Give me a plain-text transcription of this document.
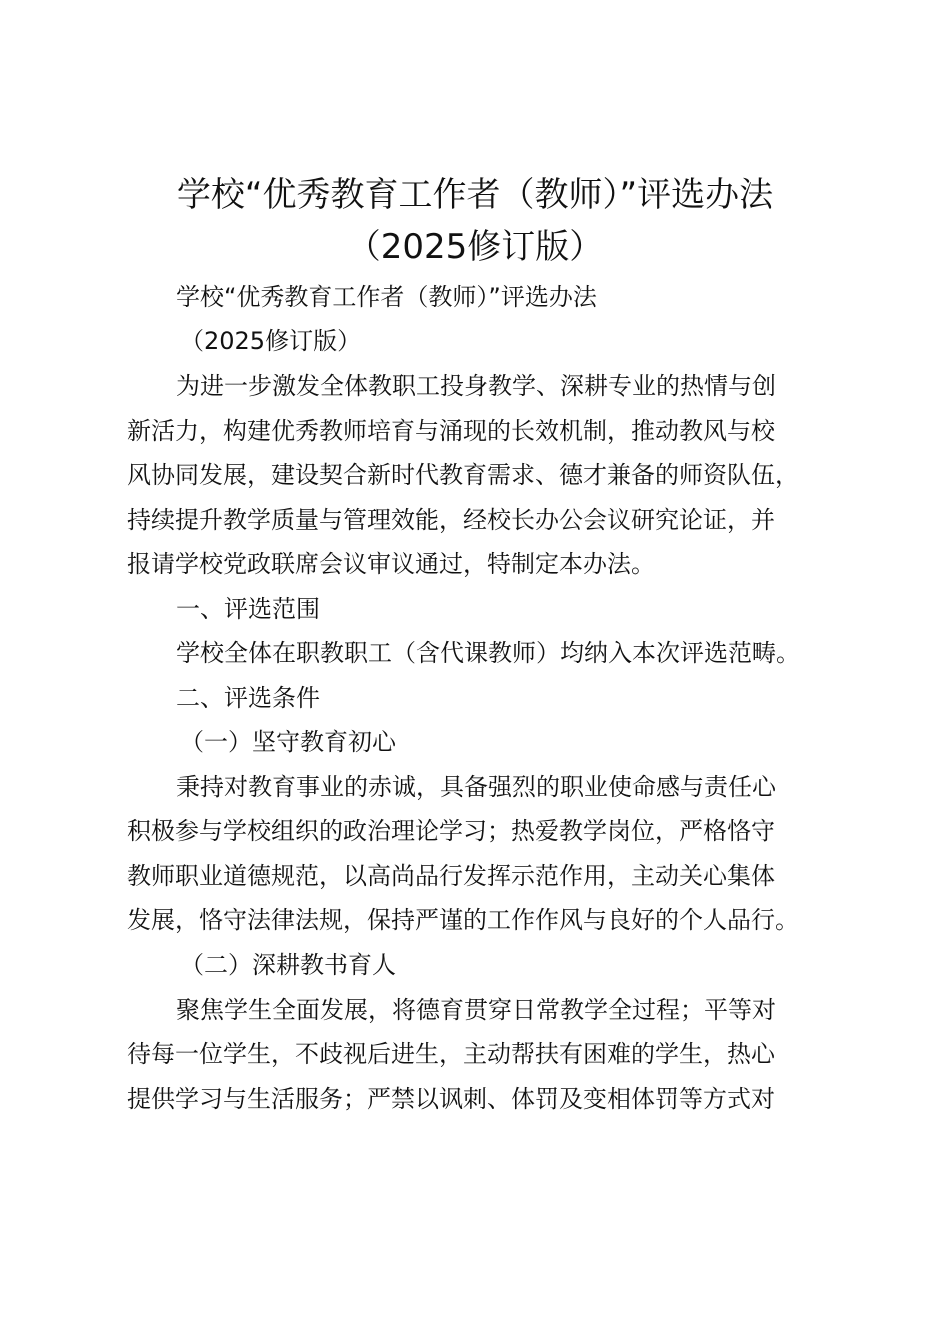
学校“优秀教育工作者（教师）”评选办法
（2025修订版）
学校“优秀教育工作者（教师）”评选办法
（2025修订版）
为进一步激发全体教职工投身教学、深耕专业的热情与创
新活力，构建优秀教师培育与涌现的长效机制，推动教风与校
风协同发展，建设契合新时代教育需求、德才兼备的师资队伍，
持续提升教学质量与管理效能，经校长办公会议研究论证，并
报请学校党政联席会议审议通过，特制定本办法。
一、评选范围
学校全体在职教职工（含代课教师）均纳入本次评选范畴。
二、评选条件
（一）坚守教育初心
秉持对教育事业的赤诚，具备强烈的职业使命感与责任心
积极参与学校组织的政治理论学习；热爱教学岗位，严格恪守
教师职业道德规范，以高尚品行发挥示范作用，主动关心集体
发展，恪守法律法规，保持严谨的工作作风与良好的个人品行。
（二）深耕教书育人
聚焦学生全面发展，将德育贯穿日常教学全过程；平等对
待每一位学生，不歧视后进生，主动帮扶有困难的学生，热心
提供学习与生活服务；严禁以讽刺、体罚及变相体罚等方式对
